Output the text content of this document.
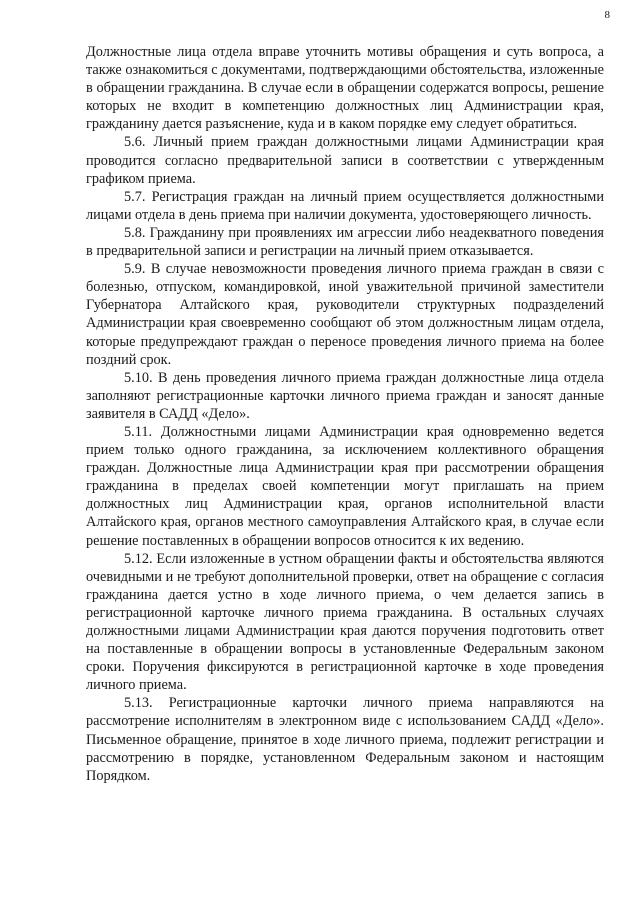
8

Должностные лица отдела вправе уточнить мотивы обращения и суть вопроса, а также ознакомиться с документами, подтверждающими обстоятельства, изложенные в обращении гражданина. В случае если в обращении содержатся вопросы, решение которых не входит в компетенцию должностных лиц Администрации края, гражданину дается разъяснение, куда и в каком порядке ему следует обратиться.

5.6. Личный прием граждан должностными лицами Администрации края проводится согласно предварительной записи в соответствии с утвержденным графиком приема.

5.7. Регистрация граждан на личный прием осуществляется должностными лицами отдела в день приема при наличии документа, удостоверяющего личность.

5.8. Гражданину при проявлениях им агрессии либо неадекватного поведения в предварительной записи и регистрации на личный прием отказывается.

5.9. В случае невозможности проведения личного приема граждан в связи с болезнью, отпуском, командировкой, иной уважительной причиной заместители Губернатора Алтайского края, руководители структурных подразделений Администрации края своевременно сообщают об этом должностным лицам отдела, которые предупреждают граждан о переносе проведения личного приема на более поздний срок.

5.10. В день проведения личного приема граждан должностные лица отдела заполняют регистрационные карточки личного приема граждан и заносят данные заявителя в САДД «Дело».

5.11. Должностными лицами Администрации края одновременно ведется прием только одного гражданина, за исключением коллективного обращения граждан. Должностные лица Администрации края при рассмотрении обращения гражданина в пределах своей компетенции могут приглашать на прием должностных лиц Администрации края, органов исполнительной власти Алтайского края, органов местного самоуправления Алтайского края, в случае если решение поставленных в обращении вопросов относится к их ведению.

5.12. Если изложенные в устном обращении факты и обстоятельства являются очевидными и не требуют дополнительной проверки, ответ на обращение с согласия гражданина дается устно в ходе личного приема, о чем делается запись в регистрационной карточке личного приема гражданина. В остальных случаях должностными лицами Администрации края даются поручения подготовить ответ на поставленные в обращении вопросы в установленные Федеральным законом сроки. Поручения фиксируются в регистрационной карточке в ходе проведения личного приема.

5.13. Регистрационные карточки личного приема направляются на рассмотрение исполнителям в электронном виде с использованием САДД «Дело». Письменное обращение, принятое в ходе личного приема, подлежит регистрации и рассмотрению в порядке, установленном Федеральным законом и настоящим Порядком.
